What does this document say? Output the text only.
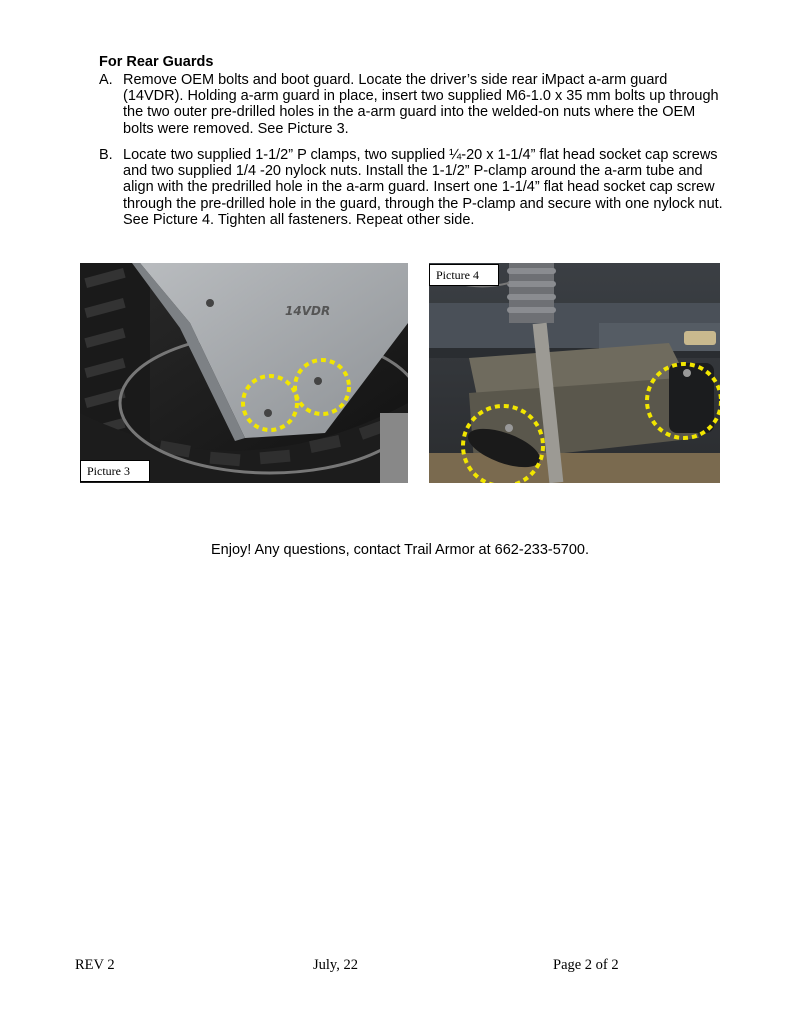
For Rear Guards
A. Remove OEM bolts and boot guard. Locate the driver’s side rear iMpact a-arm guard (14VDR). Holding a-arm guard in place, insert two supplied M6-1.0 x 35 mm bolts up through the two outer pre-drilled holes in the a-arm guard into the welded-on nuts where the OEM bolts were removed. See Picture 3.
B. Locate two supplied 1-1/2” P clamps, two supplied ¼-20 x 1-1/4” flat head socket cap screws and two supplied 1/4 -20 nylock nuts. Install the 1-1/2” P-clamp around the a-arm tube and align with the predrilled hole in the a-arm guard. Insert one 1-1/4” flat head socket cap screw through the pre-drilled hole in the guard, through the P-clamp and secure with one nylock nut. See Picture 4. Tighten all fasteners. Repeat other side.
14VDR
Picture 3
Picture 4
Enjoy! Any questions, contact Trail Armor at 662-233-5700.
REV 2	July, 22	Page 2 of 2
